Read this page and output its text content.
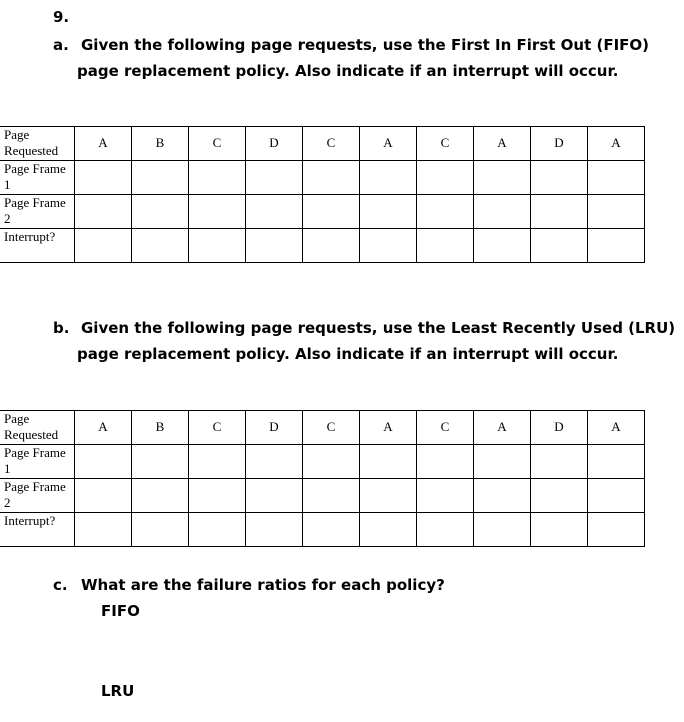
9.
a. Given the following page requests, use the First In First Out (FIFO)
page replacement policy. Also indicate if an interrupt will occur.
Page Requested	A	B	C	D	C	A	C	A	D	A
Page Frame 1										
Page Frame 2										
Interrupt?										
b. Given the following page requests, use the Least Recently Used (LRU)
page replacement policy. Also indicate if an interrupt will occur.
Page Requested	A	B	C	D	C	A	C	A	D	A
Page Frame 1										
Page Frame 2										
Interrupt?										
c. What are the failure ratios for each policy?
FIFO
LRU
